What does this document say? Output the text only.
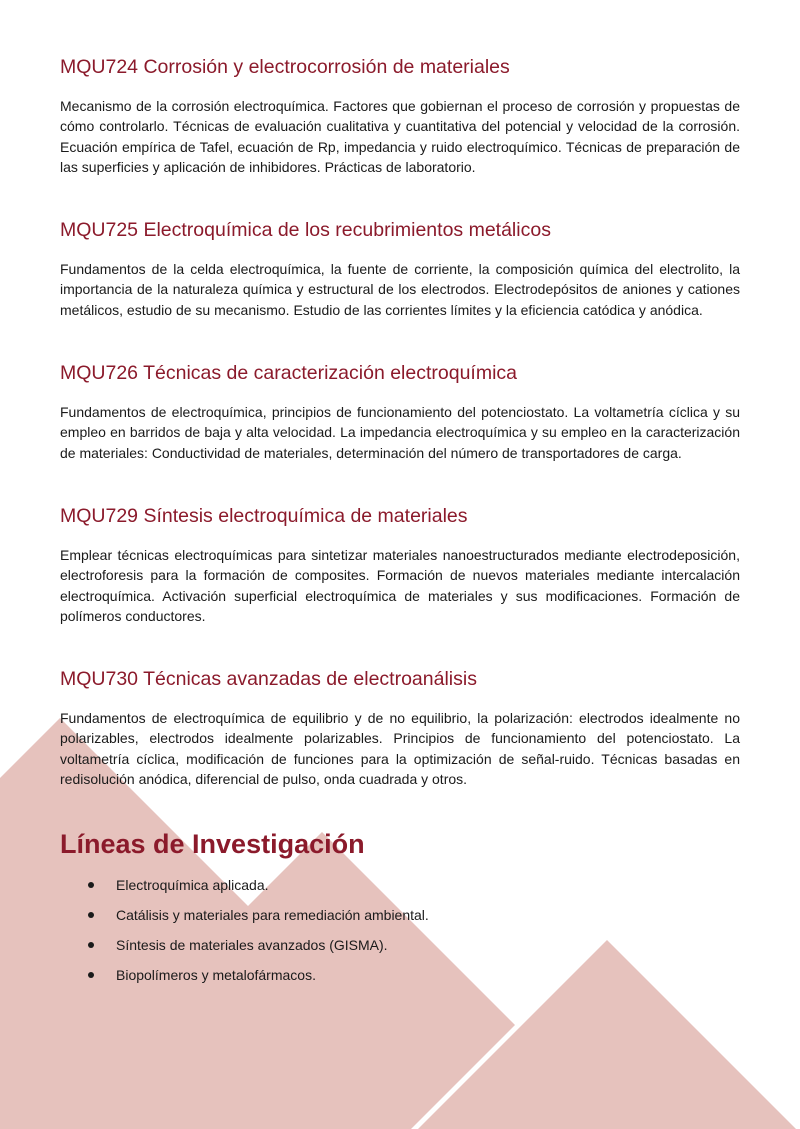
MQU724 Corrosión y electrocorrosión de materiales

Mecanismo de la corrosión electroquímica. Factores que gobiernan el proceso de corrosión y propuestas de cómo controlarlo. Técnicas de evaluación cualitativa y cuantitativa del potencial y velocidad de la corrosión. Ecuación empírica de Tafel, ecuación de Rp, impedancia y ruido electroquímico. Técnicas de preparación de las superficies y aplicación de inhibidores. Prácticas de laboratorio.

MQU725 Electroquímica de los recubrimientos metálicos

Fundamentos de la celda electroquímica, la fuente de corriente, la composición química del electrolito, la importancia de la naturaleza química y estructural de los electrodos. Electrodepósitos de aniones y cationes metálicos, estudio de su mecanismo. Estudio de las corrientes límites y la eficiencia catódica y anódica.

MQU726 Técnicas de caracterización electroquímica

Fundamentos de electroquímica, principios de funcionamiento del potenciostato. La voltametría cíclica y su empleo en barridos de baja y alta velocidad. La impedancia electroquímica y su empleo en la caracterización de materiales: Conductividad de materiales, determinación del número de transportadores de carga.

MQU729 Síntesis electroquímica de materiales

Emplear técnicas electroquímicas para sintetizar materiales nanoestructurados mediante electrodeposición, electroforesis para la formación de composites. Formación de nuevos materiales mediante intercalación electroquímica. Activación superficial electroquímica de materiales y sus modificaciones. Formación de polímeros conductores.

MQU730 Técnicas avanzadas de electroanálisis

Fundamentos de electroquímica de equilibrio y de no equilibrio, la polarización: electrodos idealmente no polarizables, electrodos idealmente polarizables. Principios de funcionamiento del potenciostato. La voltametría cíclica, modificación de funciones para la optimización de señal-ruido. Técnicas basadas en redisolución anódica, diferencial de pulso, onda cuadrada y otros.

Líneas de Investigación
Electroquímica aplicada.
Catálisis y materiales para remediación ambiental.
Síntesis de materiales avanzados (GISMA).
Biopolímeros y metalofármacos.
